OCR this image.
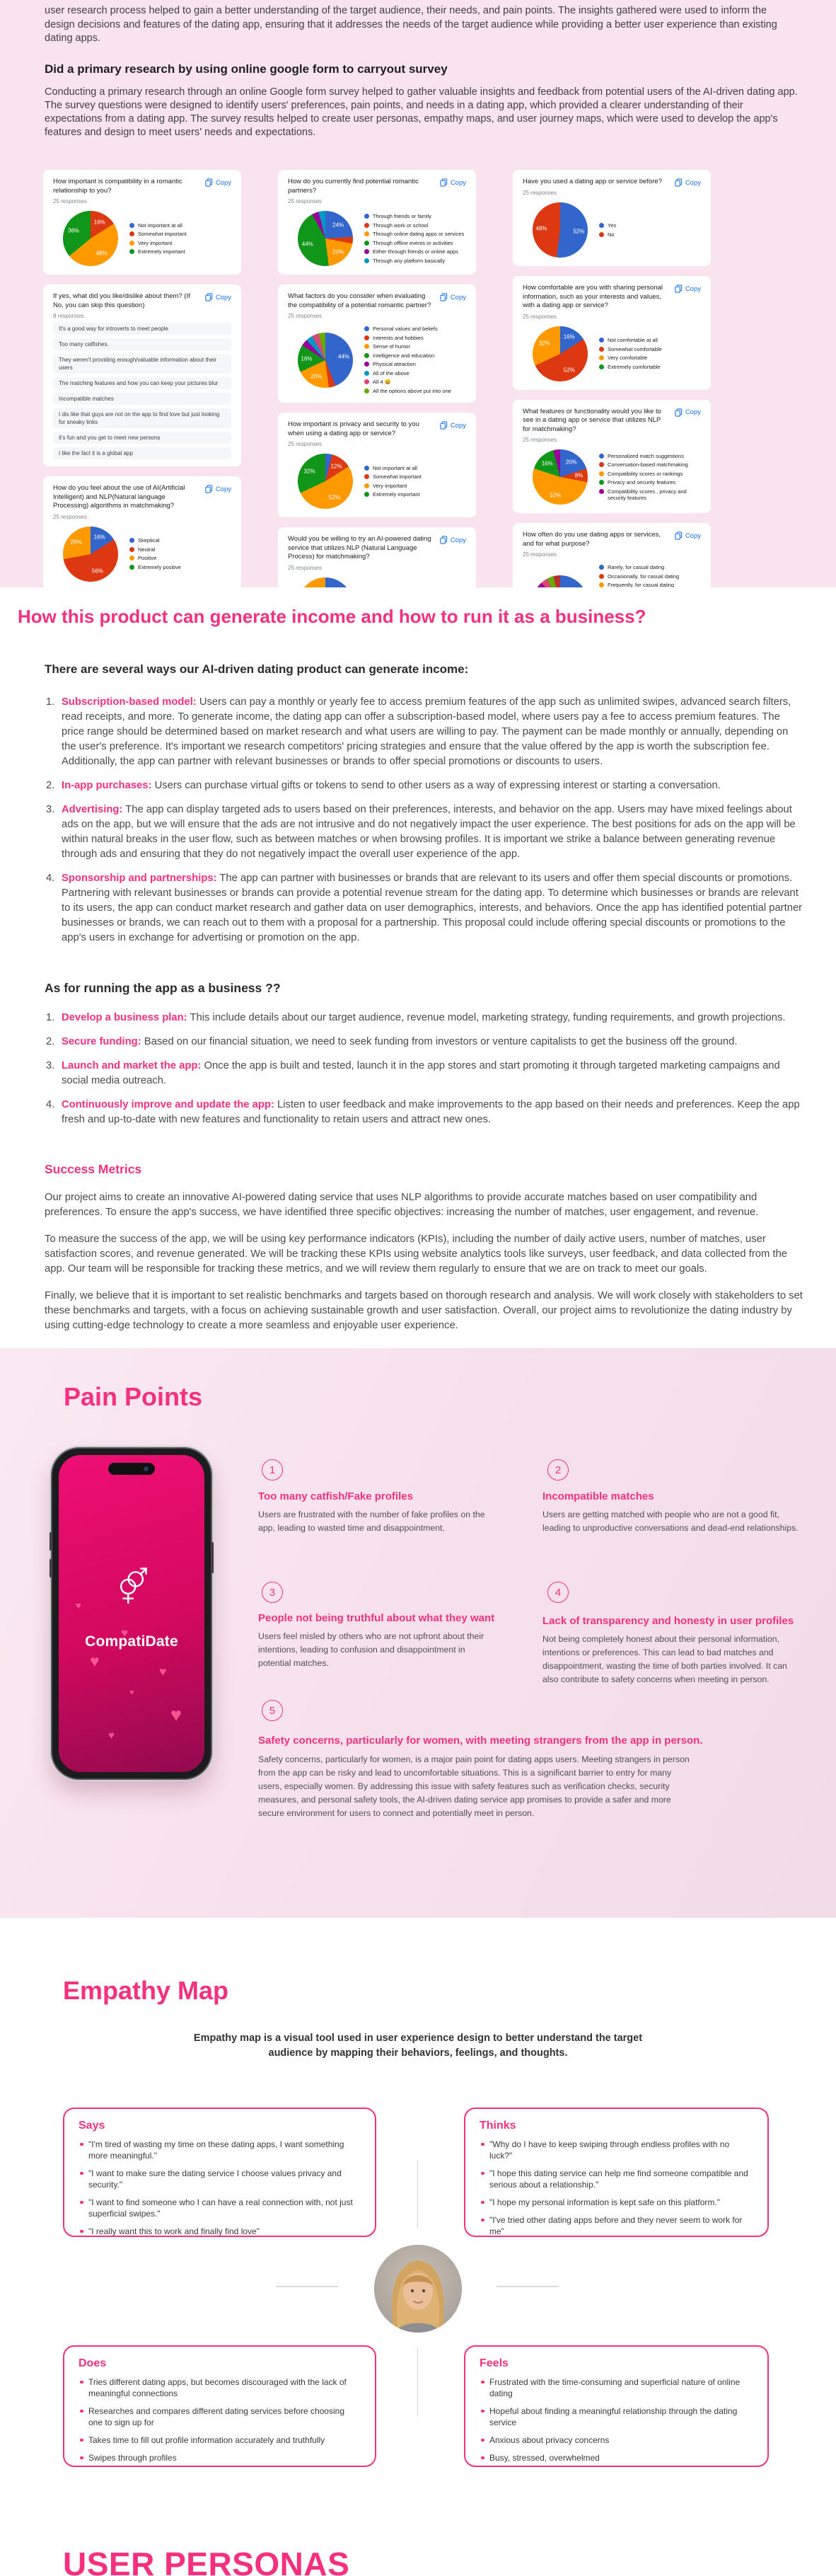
user research process helped to gain a better understanding of the target audience, their needs, and pain points. The insights gathered were used to inform the design decisions and features of the dating app, ensuring that it addresses the needs of the target audience while providing a better user experience than existing dating apps.

Did a primary research by using online google form to carryout survey

Conducting a primary research through an online Google form survey helped to gather valuable insights and feedback from potential users of the AI-driven dating app. The survey questions were designed to identify users' preferences, pain points, and needs in a dating app, which provided a clearer understanding of their expectations from a dating app. The survey results helped to create user personas, empathy maps, and user journey maps, which were used to develop the app's features and design to meet users' needs and expectations.

How important is compatibility in a romantic relationship to you?
Copy
25 responses
16%
48%
36%
Not important at all
Somewhat important
Very important
Extremely important
If yes, what did you like/dislike about them? (If No, you can skip this question)
Copy
8 responses
It's a good way for introverts to meet people
Too many catfishes.
They weren't providing enough/valuable information about their users
The matching features and how you can keep your pictures blur
Incompatible matches
I dis like that guys are not on the app to find love but just looking for sneaky links
it's fun and you get to meet new persons
I like the fact it is a global app
How do you feel about the use of AI(Artificial Intelligent) and NLP(Natural language Processing) algorithms in matchmaking?
Copy
25 responses
16%
56%
28%	Skeptical
Neutral
Positive
Extremely positive
How do you currently find potential romantic partners?
Copy
25 responses
24%
20%
44%
Through friends or family
Through work or school
Through online dating apps or services
Through offline events or activities
Either through friends or online apps
Through any platform basically
What factors do you consider when evaluating the compatibility of a potential romantic partner?
Copy
25 responses
44%
20%
16%
Personal values and beliefs
Interests and hobbies
Sense of humor
Intelligence and education
Physical attraction
All of the above
All 4 😄
All the options above put into one
How important is privacy and security to you when using a dating app or service?
Copy
25 responses
12%
52%
32%
Not important at all
Somewhat important
Very important
Extremely important
Would you be willing to try an AI-powered dating service that utilizes NLP (Natural Language Process) for matchmaking?
Copy
25 responses
Have you used a dating app or service before?	Copy
25 responses
52%
48%
Yes
No
How comfortable are you with sharing personal information, such as your interests and values, with a dating app or service?
Copy
25 responses
16%
52%
32%
Not comfortable at all
Somewhat comfortable
Very comfortable
Extremely comfortable
What features or functionality would you like to see in a dating app or service that utilizes NLP for matchmaking?
Copy
25 responses
20%
8%
52%
16%
Personalized match suggestions
Conversation-based matchmaking
Compatibility scores or rankings
Privacy and security features
Compatibility scores , privacy and security features
How often do you use dating apps or services, and for what purpose?
Copy
25 responses
Rarely, for casual dating
Occasionally, for casual dating
Frequently, for casual dating
How this product can generate income and how to run it as a business?
There are several ways our AI-driven dating product can generate income:
1. Subscription-based model: Users can pay a monthly or yearly fee to access premium features of the app such as unlimited swipes, advanced search filters, read receipts, and more. To generate income, the dating app can offer a subscription-based model, where users pay a fee to access premium features. The price range should be determined based on market research and what users are willing to pay. The payment can be made monthly or annually, depending on the user's preference. It's important we research competitors' pricing strategies and ensure that the value offered by the app is worth the subscription fee. Additionally, the app can partner with relevant businesses or brands to offer special promotions or discounts to users.
2. In-app purchases: Users can purchase virtual gifts or tokens to send to other users as a way of expressing interest or starting a conversation.
3. Advertising: The app can display targeted ads to users based on their preferences, interests, and behavior on the app. Users may have mixed feelings about ads on the app, but we will ensure that the ads are not intrusive and do not negatively impact the user experience. The best positions for ads on the app will be within natural breaks in the user flow, such as between matches or when browsing profiles. It is important we strike a balance between generating revenue through ads and ensuring that they do not negatively impact the overall user experience of the app.
4. Sponsorship and partnerships: The app can partner with businesses or brands that are relevant to its users and offer them special discounts or promotions. Partnering with relevant businesses or brands can provide a potential revenue stream for the dating app. To determine which businesses or brands are relevant to its users, the app can conduct market research and gather data on user demographics, interests, and behaviors. Once the app has identified potential partner businesses or brands, we can reach out to them with a proposal for a partnership. This proposal could include offering special discounts or promotions to the app's users in exchange for advertising or promotion on the app.
As for running the app as a business ??
1. Develop a business plan: This include details about our target audience, revenue model, marketing strategy, funding requirements, and growth projections.
2. Secure funding: Based on our financial situation, we need to seek funding from investors or venture capitalists to get the business off the ground.
3. Launch and market the app: Once the app is built and tested, launch it in the app stores and start promoting it through targeted marketing campaigns and social media outreach.
4. Continuously improve and update the app: Listen to user feedback and make improvements to the app based on their needs and preferences. Keep the app fresh and up-to-date with new features and functionality to retain users and attract new ones.
Success Metrics

Our project aims to create an innovative AI-powered dating service that uses NLP algorithms to provide accurate matches based on user compatibility and preferences. To ensure the app's success, we have identified three specific objectives: increasing the number of matches, user engagement, and revenue.

To measure the success of the app, we will be using key performance indicators (KPIs), including the number of daily active users, number of matches, user satisfaction scores, and revenue generated. We will be tracking these KPIs using website analytics tools like surveys, user feedback, and data collected from the app. Our team will be responsible for tracking these metrics, and we will review them regularly to ensure that we are on track to meet our goals.

Finally, we believe that it is important to set realistic benchmarks and targets based on thorough research and analysis. We will work closely with stakeholders to set these benchmarks and targets, with a focus on achieving sustainable growth and user satisfaction. Overall, our project aims to revolutionize the dating industry by using cutting-edge technology to create a more seamless and enjoyable user experience.

Pain Points
CompatiDate
♥
♥
♥
♥
♥
♥
♥
1
Too many catfish/Fake profiles
Users are frustrated with the number of fake profiles on the app, leading to wasted time and disappointment.
2
Incompatible matches
Users are getting matched with people who are not a good fit, leading to unproductive conversations and dead-end relationships.
3
People not being truthful about what they want
Users feel misled by others who are not upfront about their intentions, leading to confusion and disappointment in potential matches.
4
Lack of transparency and honesty in user profiles
Not being completely honest about their personal information, intentions or preferences. This can lead to bad matches and disappointment, wasting the time of both parties involved. It can also contribute to safety concerns when meeting in person.
5
Safety concerns, particularly for women, with meeting strangers from the app in person.
Safety concerns, particularly for women, is a major pain point for dating apps users. Meeting strangers in person from the app can be risky and lead to uncomfortable situations. This is a significant barrier to entry for many users, especially women. By addressing this issue with safety features such as verification checks, security measures, and personal safety tools, the AI-driven dating service app promises to provide a safer and more secure environment for users to connect and potentially meet in person.
Empathy Map

Empathy map is a visual tool used in user experience design to better understand the target audience by mapping their behaviors, feelings, and thoughts.

Says
"I'm tired of wasting my time on these dating apps, I want something more meaningful."
"I want to make sure the dating service I choose values privacy and security."
"I want to find someone who I can have a real connection with, not just superficial swipes."
"I really want this to work and finally find love"
Thinks
"Why do I have to keep swiping through endless profiles with no luck?"
"I hope this dating service can help me find someone compatible and serious about a relationship."
"I hope my personal information is kept safe on this platform."
"I've tried other dating apps before and they never seem to work for me"
Does
Tries different dating apps, but becomes discouraged with the lack of meaningful connections
Researches and compares different dating services before choosing one to sign up for
Takes time to fill out profile information accurately and truthfully
Swipes through profiles
Feels
Frustrated with the time-consuming and superficial nature of online dating
Hopeful about finding a meaningful relationship through the dating service
Anxious about privacy concerns
Busy, stressed, overwhelmed
USER PERSONAS
